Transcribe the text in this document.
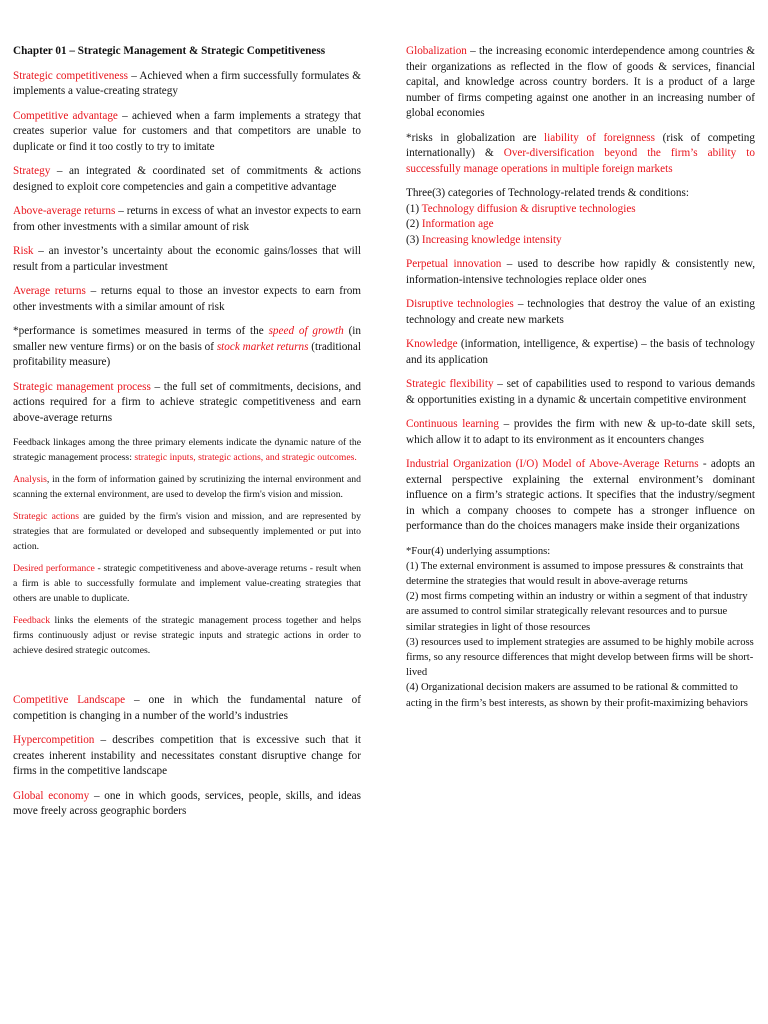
Chapter 01 – Strategic Management & Strategic Competitiveness

Strategic competitiveness – Achieved when a firm successfully formulates & implements a value-creating strategy

Competitive advantage – achieved when a farm implements a strategy that creates superior value for customers and that competitors are unable to duplicate or find it too costly to try to imitate

Strategy – an integrated & coordinated set of commitments & actions designed to exploit core competencies and gain a competitive advantage

Above-average returns – returns in excess of what an investor expects to earn from other investments with a similar amount of risk

Risk – an investor’s uncertainty about the economic gains/losses that will result from a particular investment

Average returns – returns equal to those an investor expects to earn from other investments with a similar amount of risk

*performance is sometimes measured in terms of the speed of growth (in smaller new venture firms) or on the basis of stock market returns (traditional profitability measure)

Strategic management process – the full set of commitments, decisions, and actions required for a firm to achieve strategic competitiveness and earn above-average returns

Feedback linkages among the three primary elements indicate the dynamic nature of the strategic management process: strategic inputs, strategic actions, and strategic outcomes.

Analysis, in the form of information gained by scrutinizing the internal environment and scanning the external environment, are used to develop the firm's vision and mission.

Strategic actions are guided by the firm's vision and mission, and are represented by strategies that are formulated or developed and subsequently implemented or put into action.

Desired performance - strategic competitiveness and above-average returns - result when a firm is able to successfully formulate and implement value-creating strategies that others are unable to duplicate.

Feedback links the elements of the strategic management process together and helps firms continuously adjust or revise strategic inputs and strategic actions in order to achieve desired strategic outcomes.

Competitive Landscape – one in which the fundamental nature of competition is changing in a number of the world’s industries

Hypercompetition – describes competition that is excessive such that it creates inherent instability and necessitates constant disruptive change for firms in the competitive landscape

Global economy – one in which goods, services, people, skills, and ideas move freely across geographic borders

Globalization – the increasing economic interdependence among countries & their organizations as reflected in the flow of goods & services, financial capital, and knowledge across country borders. It is a product of a large number of firms competing against one another in an increasing number of global economies

*risks in globalization are liability of foreignness (risk of competing internationally) & Over-diversification beyond the firm’s ability to successfully manage operations in multiple foreign markets

Three(3) categories of Technology-related trends & conditions:
(1) Technology diffusion & disruptive technologies
(2) Information age
(3) Increasing knowledge intensity

Perpetual innovation – used to describe how rapidly & consistently new, information-intensive technologies replace older ones

Disruptive technologies – technologies that destroy the value of an existing technology and create new markets

Knowledge (information, intelligence, & expertise) – the basis of technology and its application

Strategic flexibility – set of capabilities used to respond to various demands & opportunities existing in a dynamic & uncertain competitive environment

Continuous learning – provides the firm with new & up-to-date skill sets, which allow it to adapt to its environment as it encounters changes

Industrial Organization (I/O) Model of Above-Average Returns - adopts an external perspective explaining the external environment’s dominant influence on a firm’s strategic actions. It specifies that the industry/segment in which a company chooses to compete has a stronger influence on performance than do the choices managers make inside their organizations

*Four(4) underlying assumptions:
(1) The external environment is assumed to impose pressures & constraints that determine the strategies that would result in above-average returns
(2) most firms competing within an industry or within a segment of that industry are assumed to control similar strategically relevant resources and to pursue similar strategies in light of those resources
(3) resources used to implement strategies are assumed to be highly mobile across firms, so any resource differences that might develop between firms will be short-lived
(4) Organizational decision makers are assumed to be rational & committed to acting in the firm’s best interests, as shown by their profit-maximizing behaviors
